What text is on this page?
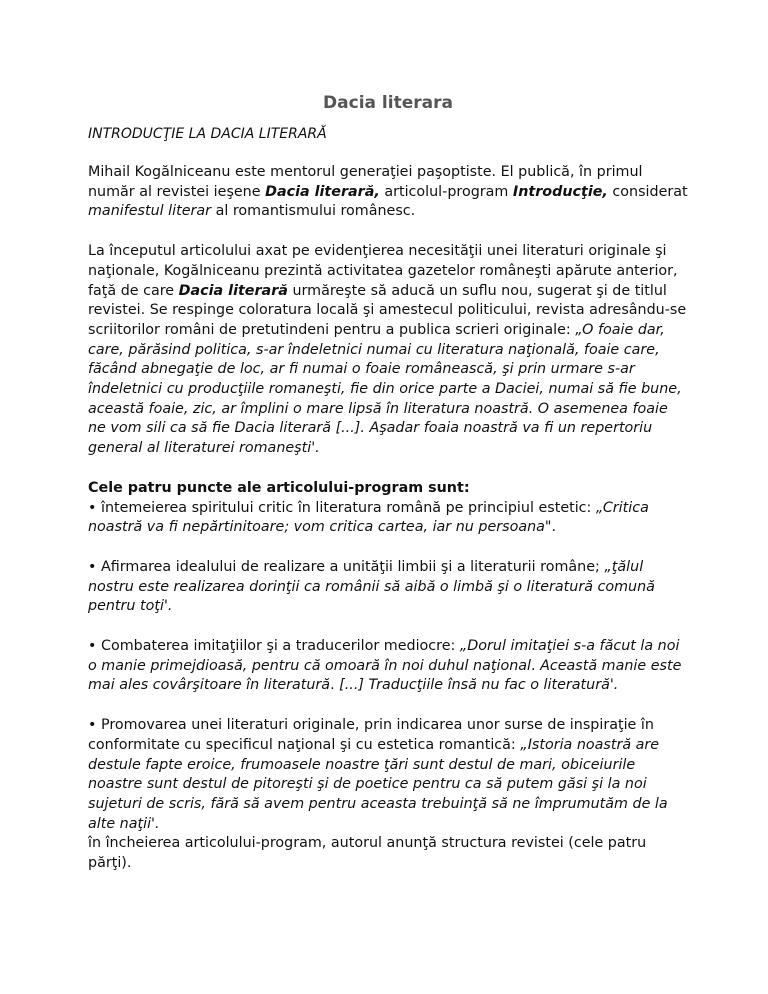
Dacia literara

INTRODUCŢIE LA DACIA LITERARĂ

Mihail Kogălniceanu este mentorul generaţiei paşoptiste. El publică, în primul număr al revistei ieşene Dacia literară, articolul-program Introducţie, considerat manifestul literar al romantismului românesc.

La începutul articolului axat pe evidenţierea necesităţii unei literaturi originale şi naţionale, Kogălniceanu prezintă activitatea gazetelor româneşti apărute anterior, faţă de care Dacia literară urmăreşte să aducă un suflu nou, sugerat şi de titlul revistei. Se respinge coloratura locală şi amestecul politicului, revista adresându-se scriitorilor români de pretutindeni pentru a publica scrieri originale: „O foaie dar, care, părăsind politica, s-ar îndeletnici numai cu literatura naţională, foaie care, făcând abnegaţie de loc, ar fi numai o foaie românească, şi prin urmare s-ar îndeletnici cu producţiile romaneşti, fie din orice parte a Daciei, numai să fie bune, această foaie, zic, ar împlini o mare lipsă în literatura noastră. O asemenea foaie ne vom sili ca să fie Dacia literară [...]. Aşadar foaia noastră va fi un repertoriu general al literaturei romaneşti'.

Cele patru puncte ale articolului-program sunt:

• întemeierea spiritului critic în literatura română pe principiul estetic: „Critica noastră va fi nepărtinitoare; vom critica cartea, iar nu persoana".

• Afirmarea idealului de realizare a unităţii limbii şi a literaturii române; „ţălul nostru este realizarea dorinţii ca românii să aibă o limbă şi o literatură comună pentru toţi'.

• Combaterea imitaţiilor şi a traducerilor mediocre: „Dorul imitaţiei s-a făcut la noi o manie primejdioasă, pentru că omoară în noi duhul naţional. Această manie este mai ales covârşitoare în literatură. [...] Traducţiile însă nu fac o literatură'.

• Promovarea unei literaturi originale, prin indicarea unor surse de inspiraţie în conformitate cu specificul naţional şi cu estetica romantică: „Istoria noastră are destule fapte eroice, frumoasele noastre ţări sunt destul de mari, obiceiurile noastre sunt destul de pitoreşti şi de poetice pentru ca să putem găsi şi la noi sujeturi de scris, fără să avem pentru aceasta trebuinţă să ne împrumutăm de la alte naţii'.

în încheierea articolului-program, autorul anunţă structura revistei (cele patru părţi).
